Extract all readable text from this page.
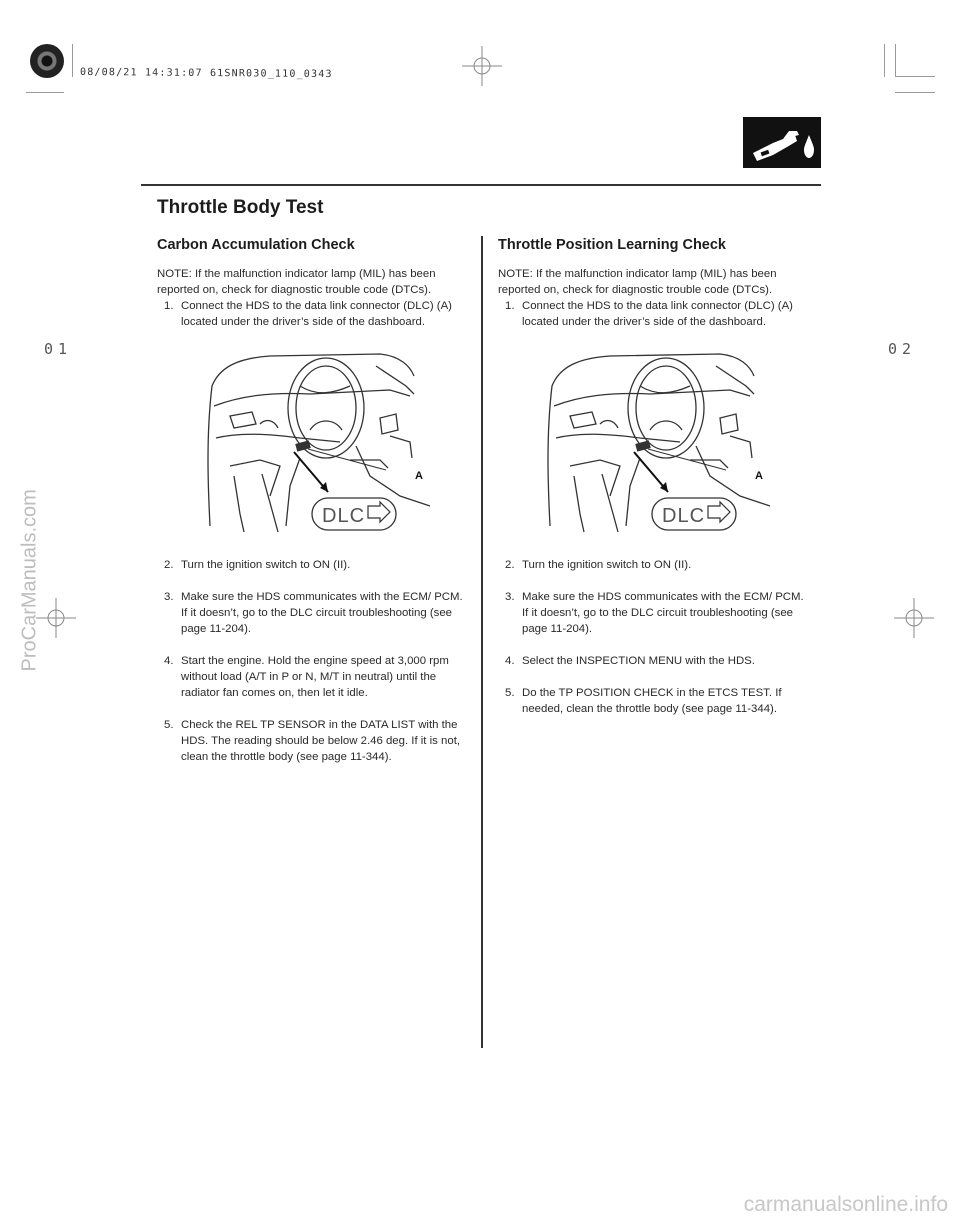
08/08/21 14:31:07 61SNR030_110_0343
01	02
ProCarManuals.com
carmanualsonline.info
Throttle Body Test
Carbon Accumulation Check

NOTE: If the malfunction indicator lamp (MIL) has been reported on, check for diagnostic trouble code (DTCs).

1. Connect the HDS to the data link connector (DLC) (A) located under the driver’s side of the dashboard.
A
DLC
2. Turn the ignition switch to ON (II).
3. Make sure the HDS communicates with the ECM/ PCM. If it doesn’t, go to the DLC circuit troubleshooting (see page 11-204).
4. Start the engine. Hold the engine speed at 3,000 rpm without load (A/T in P or N, M/T in neutral) until the radiator fan comes on, then let it idle.
5. Check the REL TP SENSOR in the DATA LIST with the HDS. The reading should be below 2.46 deg. If it is not, clean the throttle body (see page 11-344).
Throttle Position Learning Check

NOTE: If the malfunction indicator lamp (MIL) has been reported on, check for diagnostic trouble code (DTCs).

1. Connect the HDS to the data link connector (DLC) (A) located under the driver’s side of the dashboard.
A
DLC
2. Turn the ignition switch to ON (II).
3. Make sure the HDS communicates with the ECM/ PCM. If it doesn’t, go to the DLC circuit troubleshooting (see page 11-204).
4. Select the INSPECTION MENU with the HDS.
5. Do the TP POSITION CHECK in the ETCS TEST. If needed, clean the throttle body (see page 11-344).
